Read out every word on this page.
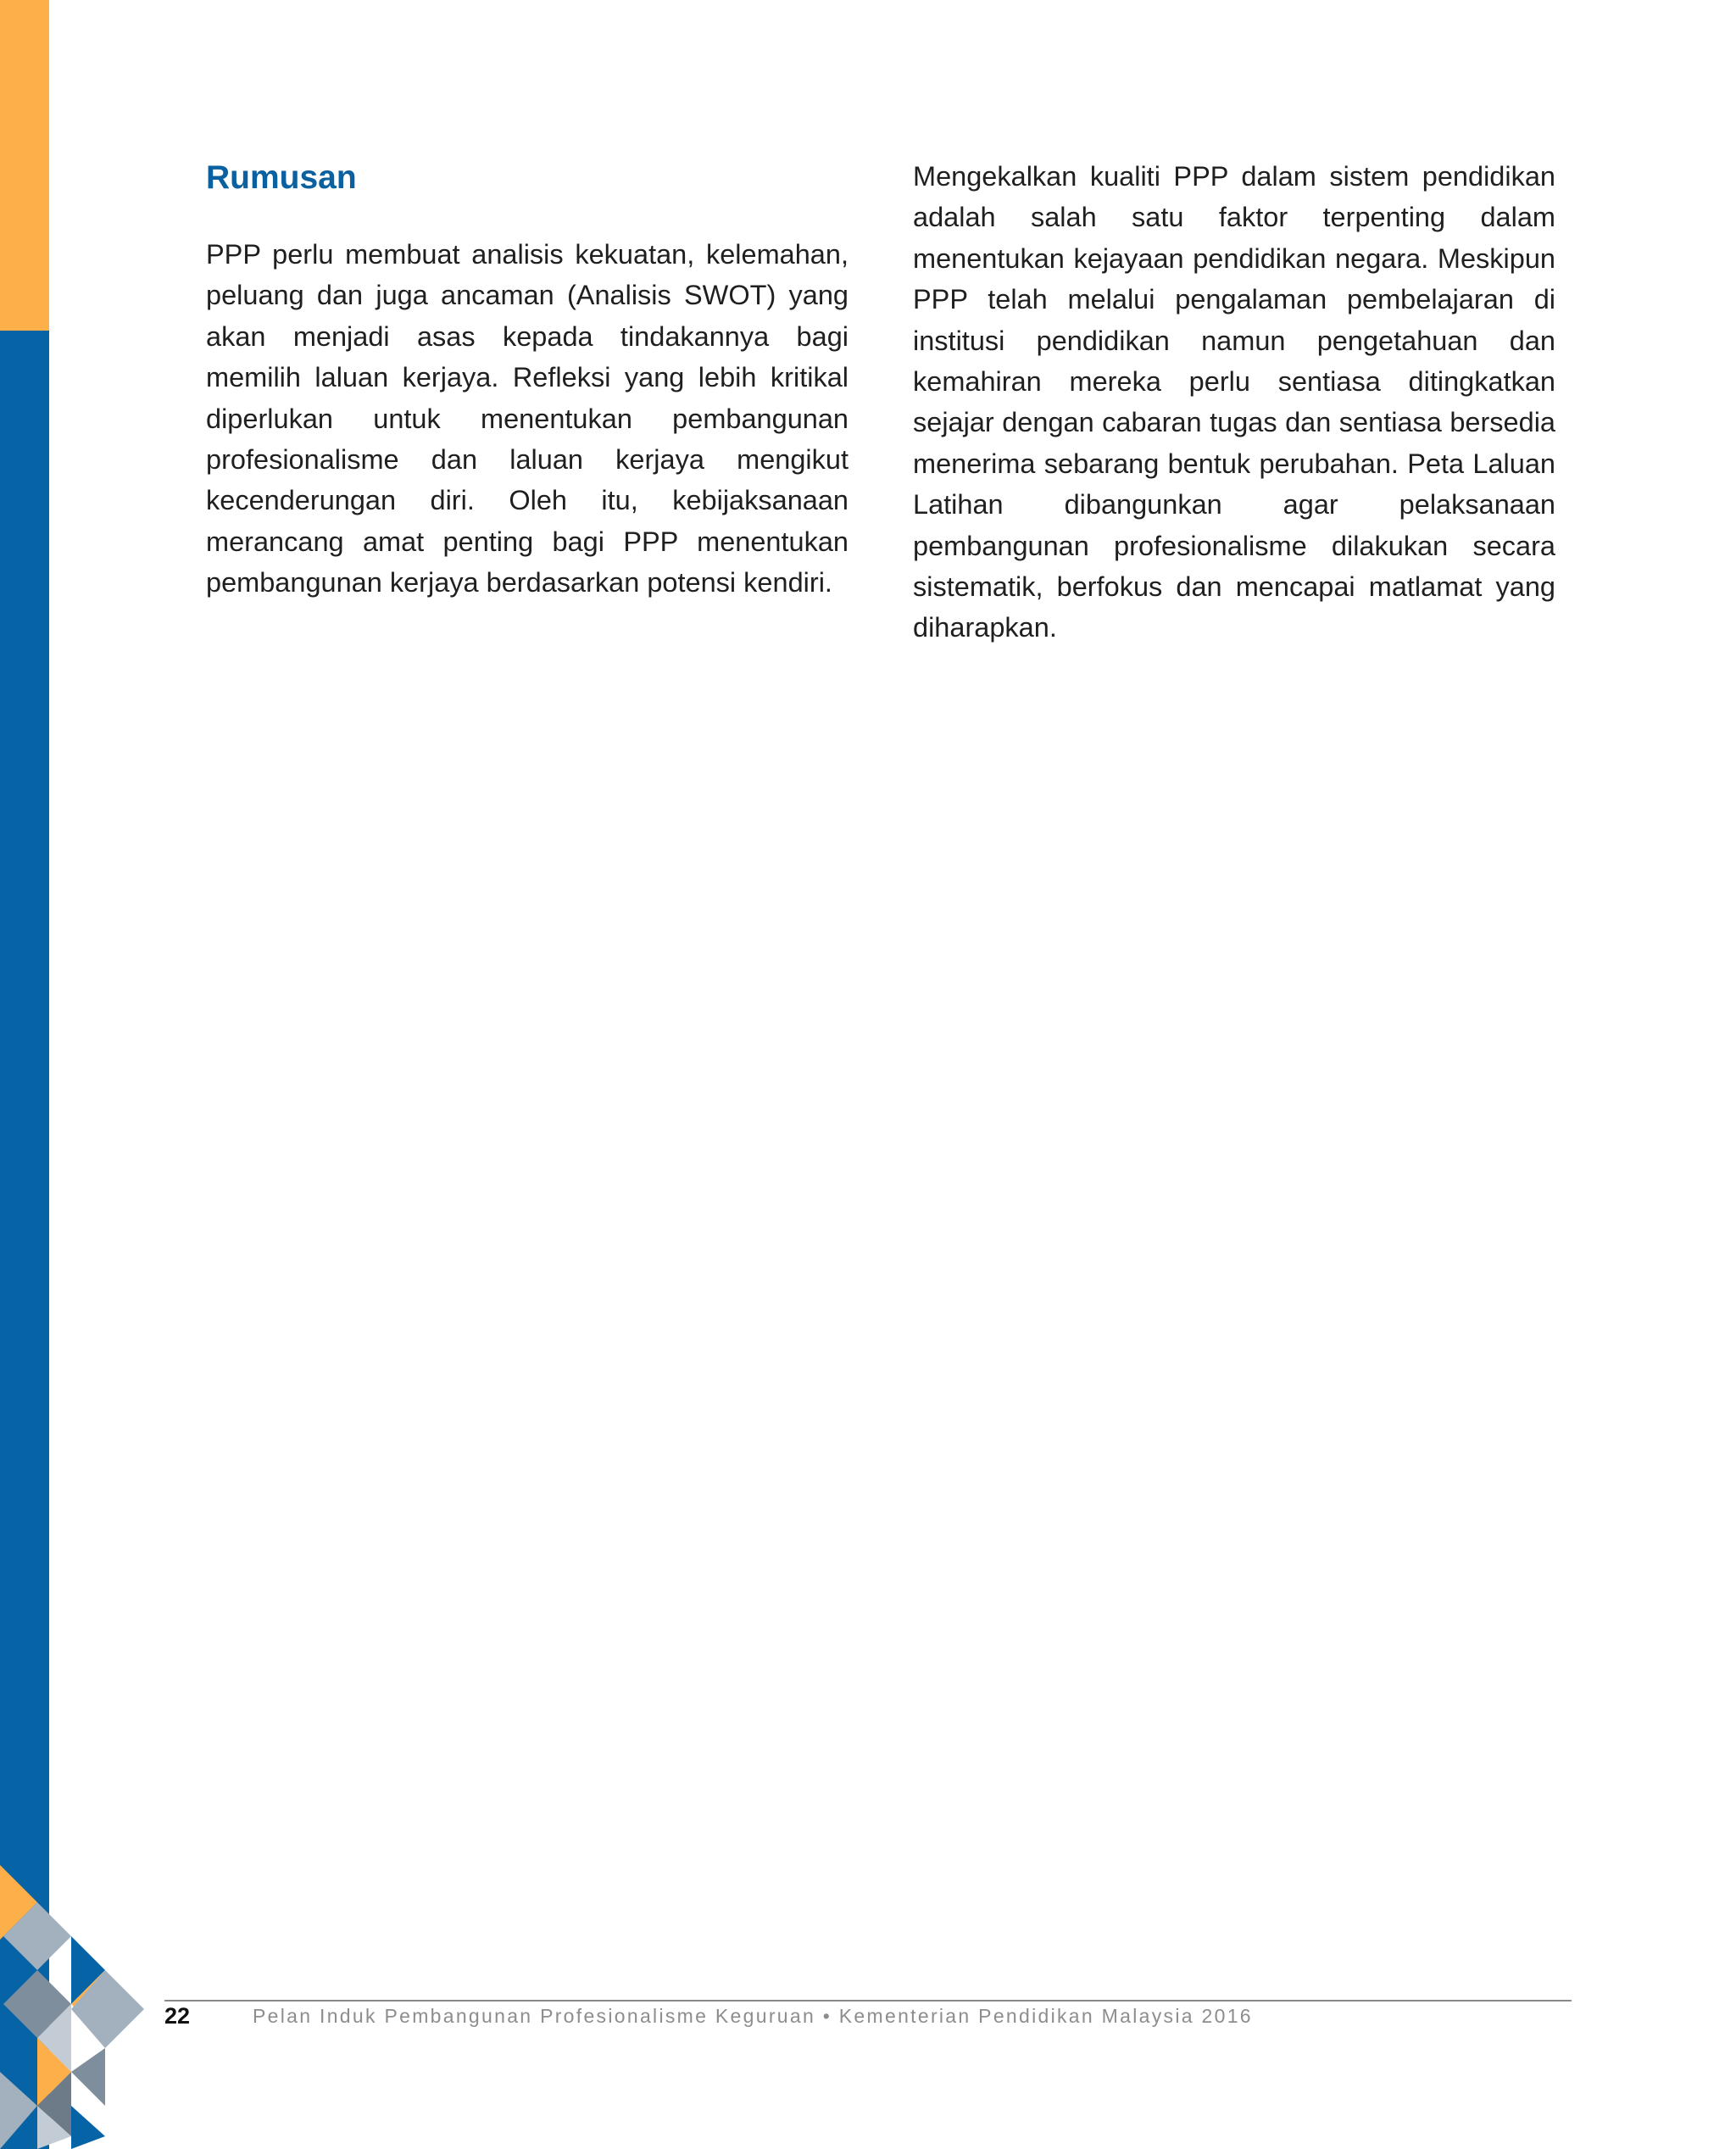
Rumusan

PPP perlu membuat analisis kekuatan, kelemahan, peluang dan juga ancaman (Analisis SWOT) yang akan menjadi asas kepada tindakannya bagi memilih laluan kerjaya. Refleksi yang lebih kritikal diperlukan untuk menentukan pembangunan profesionalisme dan laluan kerjaya mengikut kecenderungan diri. Oleh itu, kebijaksanaan merancang amat penting bagi PPP menentukan pembangunan kerjaya berdasarkan potensi kendiri.

Mengekalkan kualiti PPP dalam sistem pendidikan adalah salah satu faktor terpenting dalam menentukan kejayaan pendidikan negara. Meskipun PPP telah melalui pengalaman pembelajaran di institusi pendidikan namun pengetahuan dan kemahiran mereka perlu sentiasa ditingkatkan sejajar dengan cabaran tugas dan sentiasa bersedia menerima sebarang bentuk perubahan. Peta Laluan Latihan dibangunkan agar pelaksanaan pembangunan profesionalisme dilakukan secara sistematik, berfokus dan mencapai matlamat yang diharapkan.

22	Pelan Induk Pembangunan Profesionalisme Keguruan • Kementerian Pendidikan Malaysia 2016
